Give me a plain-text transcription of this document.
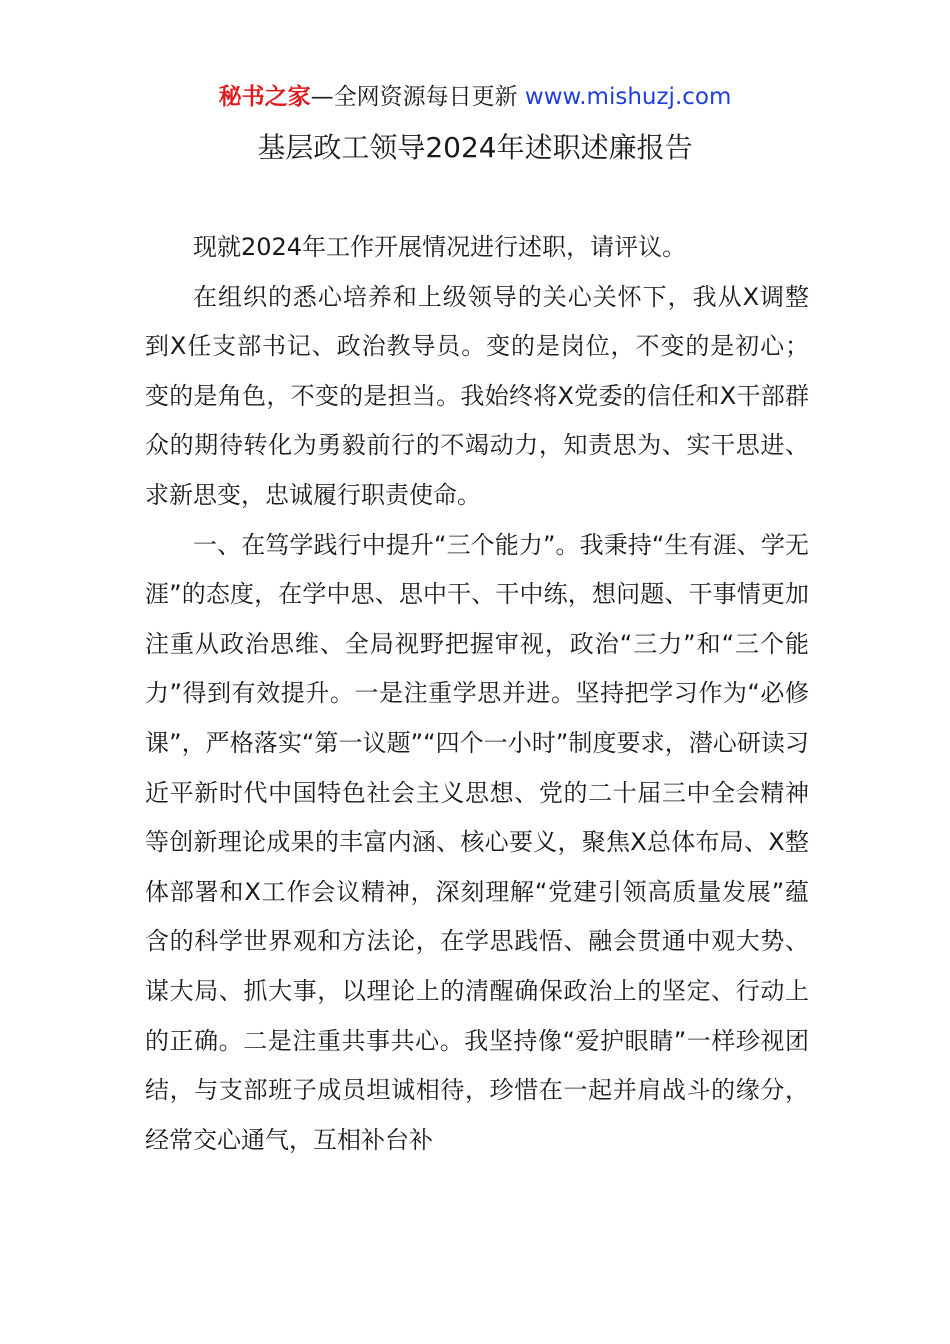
秘书之家—全网资源每日更新 www.mishuzj.com
基层政工领导2024年述职述廉报告

现就2024年工作开展情况进行述职，请评议。

在组织的悉心培养和上级领导的关心关怀下，我从X调整到X任支部书记、政治教导员。变的是岗位，不变的是初心；变的是角色，不变的是担当。我始终将X党委的信任和X干部群众的期待转化为勇毅前行的不竭动力，知责思为、实干思进、求新思变，忠诚履行职责使命。

一、在笃学践行中提升“三个能力”。我秉持“生有涯、学无涯”的态度，在学中思、思中干、干中练，想问题、干事情更加注重从政治思维、全局视野把握审视，政治“三力”和“三个能力”得到有效提升。一是注重学思并进。坚持把学习作为“必修课”，严格落实“第一议题”“四个一小时”制度要求，潜心研读习近平新时代中国特色社会主义思想、党的二十届三中全会精神等创新理论成果的丰富内涵、核心要义，聚焦X总体布局、X整体部署和X工作会议精神，深刻理解“党建引领高质量发展”蕴含的科学世界观和方法论，在学思践悟、融会贯通中观大势、谋大局、抓大事，以理论上的清醒确保政治上的坚定、行动上的正确。二是注重共事共心。我坚持像“爱护眼睛”一样珍视团结，与支部班子成员坦诚相待，珍惜在一起并肩战斗的缘分，经常交心通气，互相补台补
